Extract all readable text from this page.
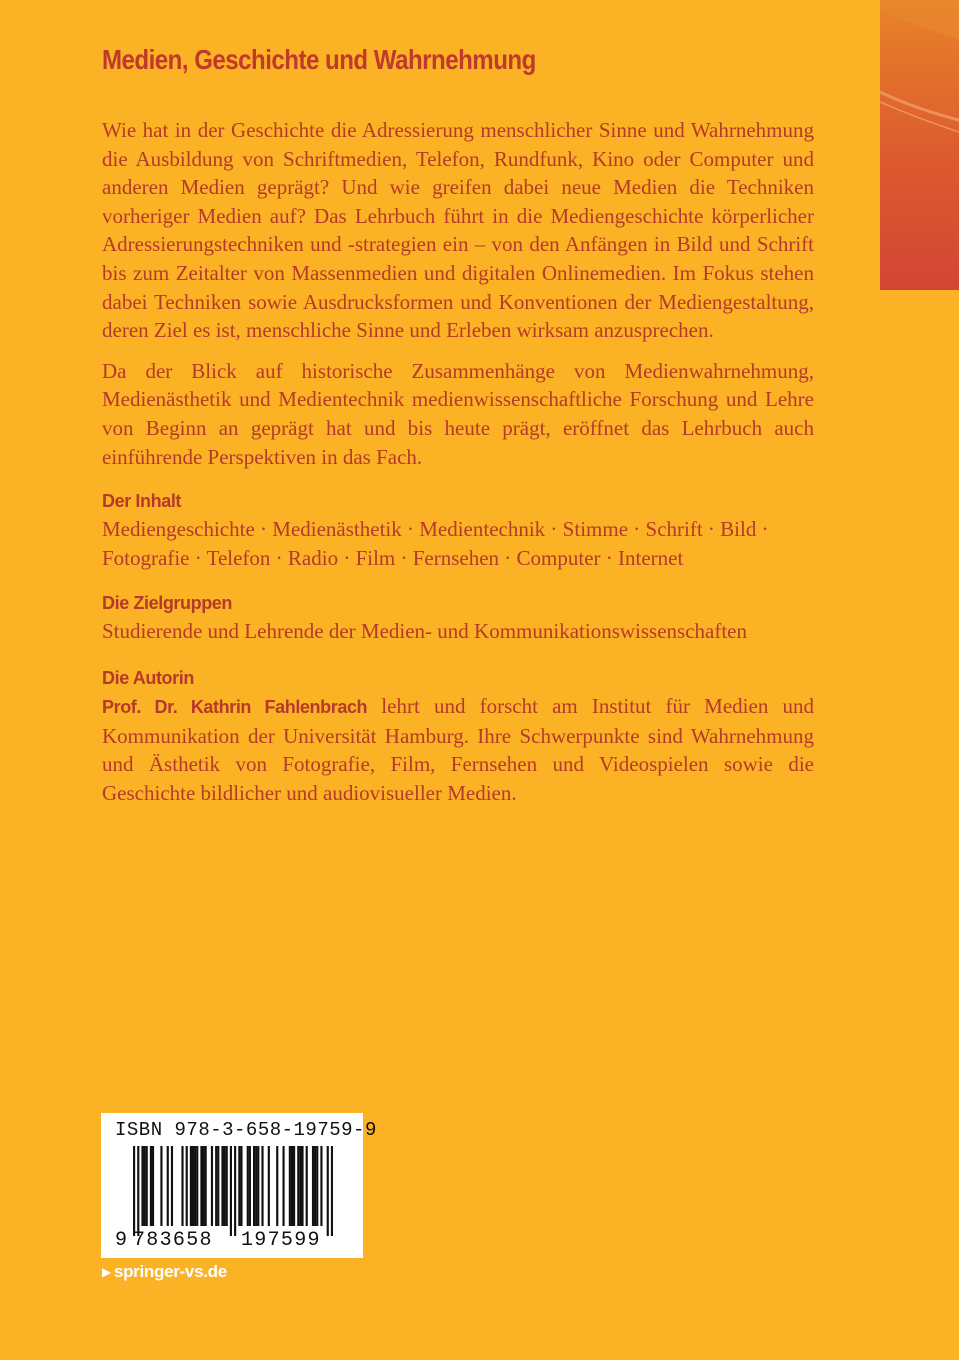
Medien, Geschichte und Wahrnehmung

Wie hat in der Geschichte die Adressierung menschlicher Sinne und Wahrnehmung die Ausbildung von Schriftmedien, Telefon, Rundfunk, Kino oder Computer und anderen Medien geprägt? Und wie greifen dabei neue Medien die Techniken vorheriger Medien auf? Das Lehrbuch führt in die Mediengeschichte körperlicher Adressierungstechniken und -strategien ein – von den Anfängen in Bild und Schrift bis zum Zeitalter von Massenmedien und digitalen Onlinemedien. Im Fokus stehen dabei Techniken sowie Ausdrucksformen und Konventionen der Mediengestaltung, deren Ziel es ist, menschliche Sinne und Erleben wirksam anzusprechen.

Da der Blick auf historische Zusammenhänge von Medienwahrnehmung, Medienästhetik und Medientechnik medienwissenschaftliche Forschung und Lehre von Beginn an geprägt hat und bis heute prägt, eröffnet das Lehrbuch auch einführende Perspektiven in das Fach.

Der Inhalt

Mediengeschichte · Medienästhetik · Medientechnik · Stimme · Schrift · Bild ·

Fotografie · Telefon · Radio · Film · Fernsehen · Computer · Internet

Die Zielgruppen

Studierende und Lehrende der Medien- und Kommunikationswissenschaften

Die Autorin

Prof. Dr. Kathrin Fahlenbrach lehrt und forscht am Institut für Medien und Kommunikation der Universität Hamburg. Ihre Schwerpunkte sind Wahrnehmung und Ästhetik von Fotografie, Film, Fernsehen und Videospielen sowie die Geschichte bildlicher und audiovisueller Medien.

ISBN 978-3-658-19759-9
9 783658 197599
▶ springer-vs.de
